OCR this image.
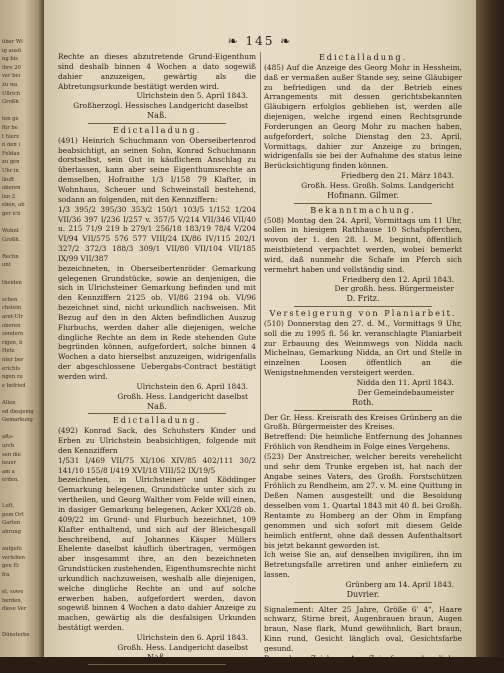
über Wi
ig ausü
ng bis
ihre 20
ver bei
zu wa
Ullrich
Großh.

ten ge
für be
t hierz
n den i
Feldau
zu gen
Uhr in
läuft
oberen
len 2
ehen, ab
ger ich

Wohnt
Großh.

Rechn
unt

theiden

schen
chstein
aret-Ulr
oberen
sondern
rigen, b
Hetz
nter ber
erichts
ngen zu
e befried

Allen
ed diesjenig
Gemarkung

afts-
urch
sen die
teuer
am a
erden.

Luft,
pom Ort
Garten
ahrung

aufgefo
verleben
gen Ei
fra

el, sowe
herden,
diese Ver

Dünsterbe
❧ 145 ❧

Rechte an dieses abzutretende Grund-Eigenthum sind deshalb binnen 4 Wochen a dato sogewiß dahier anzuzeigen, gewärtig als die Abtretungsurkunde bestätigt werden wird.

Ulrichstein den 5. April 1843.

Großherzogl. Hessisches Landgericht daselbst

Naß.

Edictalladung.

(491) Heinrich Schuchmann von Oberseibertenrod beabsichtigt, an seinen Sohn, Konrad Schuchmann dorstselbst, sein Gut in käuflichem Anschlag zu überlassen, kann aber seine Eigenthumsrechte an demselben, Hofraithe 1/3 I/158 79 Klafter, in Wohnhaus, Scheuer und Schweinstall bestehend, sodann an folgenden, mit den Kennziffern:

1/3 395/2 395/30 353/2 150/1 103/5 1/152 1/204 VII/36 397 I/236 I/257 v. 357/5 V/214 VII/346 VII/40 u. 215 71/9 219 b 279/1 256/18 183/19 78/4 V/204 VI/94 VII/575 576 577 VIII/24 IX/86 IV/115 202/1 327/2 372/3 188/3 309/1 VII/80 VII/104 VII/185 IX/99 VII/387

bezeichneten, in Oberseibertenröder Gemarkung gelegenen Grundstücke, sowie an denjenigen, die sich in Ulrichsteiner Gemarkung befinden und mit den Kennziffern 2125 ob. VI/86 2194 ob. VI/96 bezeichnet sind, nicht urkundlich nachweisen. Mit Bezug auf den in den Akten befindlichen Auszug Flurbuchs, werden daher alle diejenigen, welche dingliche Rechte an dem in Rede stehenden Gute begründen können, aufgefordert, solche binnen 4 Wochen a dato hierselbst anzuzeigen, widrigenfalls der abgeschlossene Uebergabs-Contract bestätigt werden wird.

Ulrichstein den 6. April 1843.

Großh. Hess. Landgericht daselbst

Naß.

Edictalladung.

(492) Konrad Sack, des Schuhsters Kinder und Erben zu Ulrichstein beabsichtigen, folgende mit den Kennziffern

1/531 I/469 VII/75 XI/106 XIV/85 402/111 30/2 141/10 155/8 I/419 XVI/18 VIII/52 IX/19/5

bezeichneten, in Ulrichsteiner und Köddinger Gemarkung belegenen, Grundstücke unter sich zu vertheilen, und Georg Walther vom Felde will einen, in dasiger Gemarkung belegenen, Acker XXI/28 ob. 409/22 im Grund- und Flurbuch bezeichnet, 109 Klafter enthaltend, und sich auf der Bleichesgall beschreibend, auf Johannes Käsper Müllers Ehelente daselbst käuflich übertragen, vermögen aber insgesammt ihre, an den bezeichneten Grundstücken zustehenden, Eigenthumsrechte nicht urkundlich nachzuweisen, weshalb alle diejenigen, welche dingliche Rechte an und auf solche erwerben haben, aufgefordert werden, davon sogewiß binnen 4 Wochen a dato dahier Anzeige zu machen, gewärtig als die desfalsigen Urkunden bestätigt werden.

Ulrichstein den 6. April 1843.

Großh. Hess. Landgericht daselbst

Naß.

Edictalladung.

(485) Auf die Anzeige des Georg Mohr in Hessheim, daß er vermaßen außer Stande sey, seine Gläubiger zu befriedigen und da der Betrieb eines Arrangements mit dessen gerichtsbekannten Gläubigern erfolglos geblieben ist, werden alle diejenigen, welche irgend einen Rechtsgrunde Forderungen an Georg Mohr zu machen haben, aufgefordert, solche Dienstag den 23. April, Vormittags, dahier zur Anzeige zu bringen, widrigenfalls sie bei der Aufnahme des status leine Berücksichtigung finden können.

Friedberg den 21. März 1843.

Großh. Hess. Großh. Solms. Landgericht

Hofmann. Gilmer.

Bekanntmachung.

(508) Montag den 24. April, Vormittags um 11 Uhr, sollen in hiesigem Rathhause 10 Schafspferchen, wovon der 1. den 28. I. M. beginnt, öffentlich meistbietend verpachtet werden, wobei bemerkt wird, daß nunmehr die Schafe im Pferch sich vermehrt haben und vollständig sind.

Friedberg den 12. April 1843.

Der großh. hess. Bürgermeister

D. Fritz.

Versteigerung von Planiarbeit.

(510) Donnerstag den 27. d. M., Vormittags 9 Uhr, soll die zu 1995 fl. 56 kr. veranschlagte Planiarbeit zur Erbauung des Weinmwegs von Nidda nach Michelnau, Gemarkung Nidda, an Ort und Stelle in einzelnen Loosen öffentlich an die Wenigstnehmenden versteigert werden.

Nidda den 11. April 1843.

Der Gemeindebaumeister

Roth.

Der Gr. Hess. Kreisrath des Kreises Grünberg an die Großh. Bürgermeister des Kreises.

Betreffend: Die heimliche Entfernung des Johannes Fröhlich von Rendheim in Folge eines Vergehens.

(523) Der Anstreicher, welcher bereits verehelicht und sehr dem Trunke ergeben ist, hat nach der Angabe seines Vaters, des Großh. Forstschützen Fröhlich zu Rendheim, am 27. v. M. eine Quittung in Deßen Namen ausgestellt und die Besoldung desselben vom 1. Quartal 1843 mit 40 fl. bei Großh. Rentamte zu Homberg an der Ohm in Empfang genommen und sich sofort mit diesem Gelde heimlich entfernt, ohne daß dessen Aufenthaltsort bis jetzt bekannt geworden ist.

Ich weise Sie an, auf denselben invigiliren, ihn im Betretungsfalle arretiren und anher einliefern zu lassen.

Grünberg am 14. April 1843.

Duvrier.

Signalement: Alter 25 Jahre, Größe 6' 4", Haare schwarz, Stirne breit, Augenbrauen braun, Augen braun, Nase flark, Mund gewöhnlich, Bart braun, Kinn rund, Gesicht länglich oval, Gesichtsfarbe gesund.

Besondere Zeichen: Am Zeigefinger der linken Hand eine Narbe.
